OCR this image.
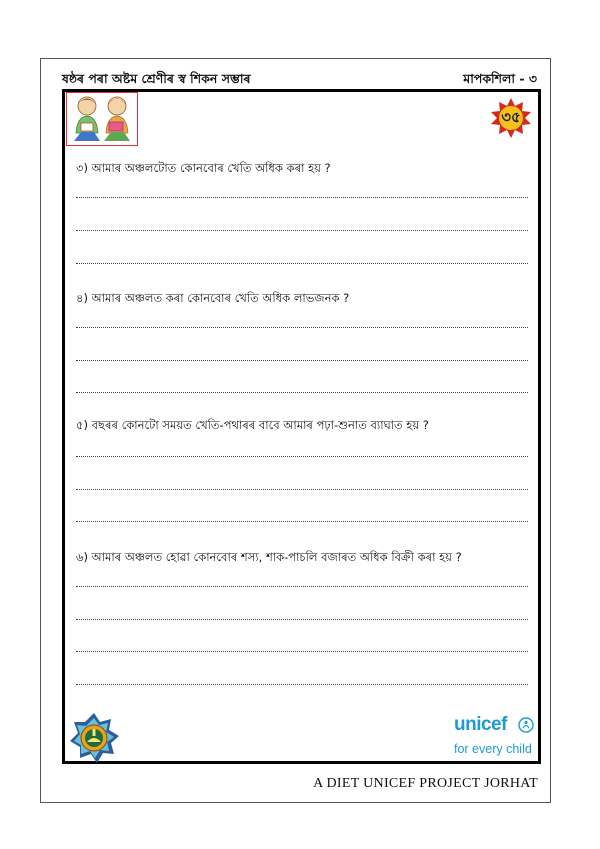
ষষ্ঠৰ পৰা অষ্টম শ্ৰেণীৰ স্ব শিকন সম্ভাৰ	মাপকশিলা - ৩
৩৫
৩) আমাৰ অঞ্চলটোত কোনবোৰ খেতি অধিক কৰা হয় ?
৪) আমাৰ অঞ্চলত কৰা কোনবোৰ খেতি অধিক লাভজনক ?
৫) বছৰৰ কোনটো সময়ত খেতি-পথাৰৰ বাবে আমাৰ পঢ়া-শুনাত ব্যাঘাত হয় ?
৬) আমাৰ অঞ্চলত হোৱা কোনবোৰ শস্য, শাক-পাচলি বজাৰত অধিক বিক্ৰী কৰা হয় ?
unicef
for every child
A DIET UNICEF PROJECT JORHAT
